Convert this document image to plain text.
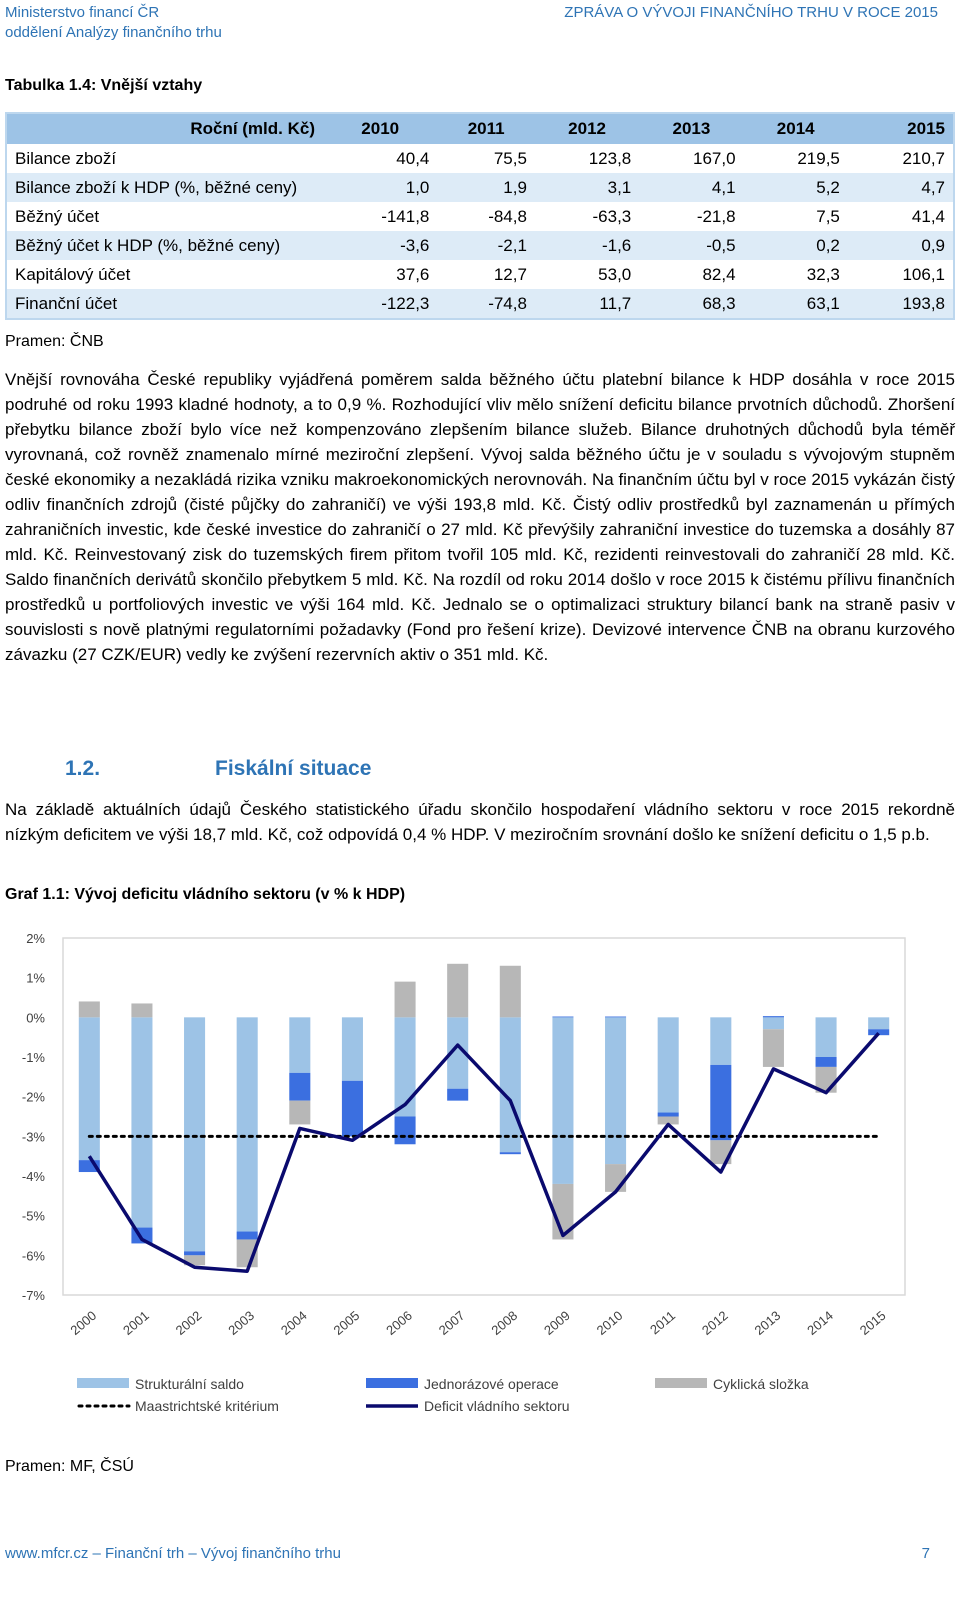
Ministerstvo financí ČR
oddělení Analýzy finančního trhu
ZPRÁVA O VÝVOJI FINANČNÍHO TRHU V ROCE 2015
Tabulka 1.4: Vnější vztahy
Roční (mld. Kč)	2010	2011	2012	2013	2014	2015
Bilance zboží	40,4	75,5	123,8	167,0	219,5	210,7
Bilance zboží k HDP (%, běžné ceny)	1,0	1,9	3,1	4,1	5,2	4,7
Běžný účet	-141,8	-84,8	-63,3	-21,8	7,5	41,4
Běžný účet k HDP (%, běžné ceny)	-3,6	-2,1	-1,6	-0,5	0,2	0,9
Kapitálový účet	37,6	12,7	53,0	82,4	32,3	106,1
Finanční účet	-122,3	-74,8	11,7	68,3	63,1	193,8
Pramen: ČNB
Vnější rovnováha České republiky vyjádřená poměrem salda běžného účtu platební bilance k HDP dosáhla v roce 2015 podruhé od roku 1993 kladné hodnoty, a to 0,9 %. Rozhodující vliv mělo snížení deficitu bilance prvotních důchodů. Zhoršení přebytku bilance zboží bylo více než kompenzováno zlepšením bilance služeb. Bilance druhotných důchodů byla téměř vyrovnaná, což rovněž znamenalo mírné meziroční zlepšení. Vývoj salda běžného účtu je v souladu s vývojovým stupněm české ekonomiky a nezakládá rizika vzniku makroekonomických nerovnováh. Na finančním účtu byl v roce 2015 vykázán čistý odliv finančních zdrojů (čisté půjčky do zahraničí) ve výši 193,8 mld. Kč. Čistý odliv prostředků byl zaznamenán u přímých zahraničních investic, kde české investice do zahraničí o 27 mld. Kč převýšily zahraniční investice do tuzemska a dosáhly 87 mld. Kč. Reinvestovaný zisk do tuzemských firem přitom tvořil 105 mld. Kč, rezidenti reinvestovali do zahraničí 28 mld. Kč. Saldo finančních derivátů skončilo přebytkem 5 mld. Kč. Na rozdíl od roku 2014 došlo v roce 2015 k čistému přílivu finančních prostředků u portfoliových investic ve výši 164 mld. Kč. Jednalo se o optimalizaci struktury bilancí bank na straně pasiv v souvislosti s nově platnými regulatorními požadavky (Fond pro řešení krize). Devizové intervence ČNB na obranu kurzového závazku (27 CZK/EUR) vedly ke zvýšení rezervních aktiv o 351 mld. Kč.
1.2.	Fiskální situace
Na základě aktuálních údajů Českého statistického úřadu skončilo hospodaření vládního sektoru v roce 2015 rekordně nízkým deficitem ve výši 18,7 mld. Kč, což odpovídá 0,4 % HDP. V meziročním srovnání došlo ke snížení deficitu o 1,5 p.b.
Graf 1.1: Vývoj deficitu vládního sektoru (v % k HDP)
2%
1%
0%
-1%
-2%
-3%
-4%
-5%
-6%
-7%
2000 2001 2002 2003 2004 2005 2006 2007 2008 2009 2010 2011 2012 2013 2014 2015
Strukturální saldo	Jednorázové operace	Cyklická složka
Maastrichtské kritérium	Deficit vládního sektoru
Pramen: MF, ČSÚ
www.mfcr.cz – Finanční trh – Vývoj finančního trhu	7
